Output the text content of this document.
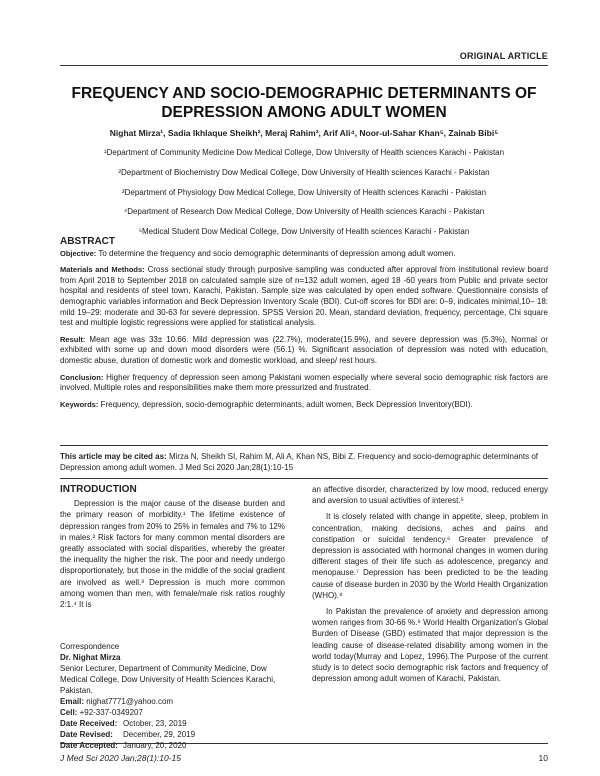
ORIGINAL ARTICLE
FREQUENCY AND SOCIO-DEMOGRAPHIC DETERMINANTS OF DEPRESSION AMONG ADULT WOMEN
Nighat Mirza¹, Sadia Ikhlaque Sheikh², Meraj Rahim³, Arif Ali⁴, Noor-ul-Sahar Khan⁵, Zainab Bibi⁵
¹Department of Community Medicine Dow Medical College, Dow University of Health sciences Karachi - Pakistan
²Department of Biochemistry Dow Medical College, Dow University of Health sciences Karachi - Pakistan
³Department of Physiology Dow Medical College, Dow University of Health sciences Karachi - Pakistan
⁴Department of Research Dow Medical College, Dow University of Health sciences Karachi - Pakistan
⁵Medical Student Dow Medical College, Dow University of Health sciences Karachi - Pakistan
ABSTRACT

Objective: To determine the frequency and socio demographic determinants of depression among adult women.

Materials and Methods: Cross sectional study through purposive sampling was conducted after approval from institutional review board from April 2018 to September 2018 on calculated sample size of n=132 adult women, aged 18 -60 years from Public and private sector hospital and residents of steel town, Karachi, Pakistan. Sample size was calculated by open ended software. Questionnaire consists of demographic variables information and Beck Depression Inventory Scale (BDI). Cut-off scores for BDI are: 0–9, indicates minimal,10– 18: mild 19–29: moderate and 30-63 for severe depression. SPSS Version 20. Mean, standard deviation, frequency, percentage, Chi square test and multiple logistic regressions were applied for statistical analysis.

Result: Mean age was 33± 10.66. Mild depression was (22.7%), moderate(15.9%), and severe depression was (5.3%), Normal or exhibited with some up and down mood disorders were (56.1) %. Significant association of depression was noted with education, domestic abuse, duration of domestic work and domestic workload, and sleep/ rest hours.

Conclusion: Higher frequency of depression seen among Pakistani women especially where several socio demographic risk factors are involved. Multiple roles and responsibilities make them more pressurized and frustrated.

Keywords: Frequency, depression, socio-demographic determinants, adult women, Beck Depression Inventory(BDI).

This article may be cited as: Mirza N, Sheikh SI, Rahim M, Ali A, Khan NS, Bibi Z. Frequency and socio-demographic determinants of Depression among adult women. J Med Sci 2020 Jan;28(1):10-15
INTRODUCTION

Depression is the major cause of the disease burden and the primary reason of morbidity.¹ The lifetime existence of depression ranges from 20% to 25% in females and 7% to 12% in males.² Risk factors for many common mental disorders are greatly associated with social disparities, whereby the greater the inequality the higher the risk. The poor and needy undergo disproportionately, but those in the middle of the social gradient are involved as well.³ Depression is much more common among women than men, with female/male risk ratios roughly 2:1.⁴ It is

an affective disorder, characterized by low mood, reduced energy and aversion to usual activities of interest.⁵

It is closely related with change in appetite, sleep, problem in concentration, making decisions, aches and pains and constipation or suicidal tendency.⁶ Greater prevalence of depression is associated with hormonal changes in women during different stages of their life such as adolescence, pregancy and menopause.⁷ Depression has been predicted to be the leading cause of disease burden in 2030 by the World Health Organization (WHO).⁸

In Pakistan the prevalence of anxiety and depression among women ranges from 30-66 %.⁹ World Health Organization's Global Burden of Disease (GBD) estimated that major depression is the leading cause of disease-related disability among women in the world today(Murray and Lopez, 1996).The Purpose of the current study is to detect socio demographic risk factors and frequency of depression among adult women of Karachi, Pakistan.

Correspondence
Dr. Nighat Mirza
Senior Lecturer, Department of Community Medicine, Dow Medical College, Dow University of Health Sciences Karachi, Pakistan.
Email: nighat7771@yahoo.com
Cell: +92-337-0349207
Date Received: October, 23, 2019
Date Revised: December, 29, 2019
Date Accepted: January, 20, 2020
J Med Sci 2020 Jan;28(1):10-15	10
